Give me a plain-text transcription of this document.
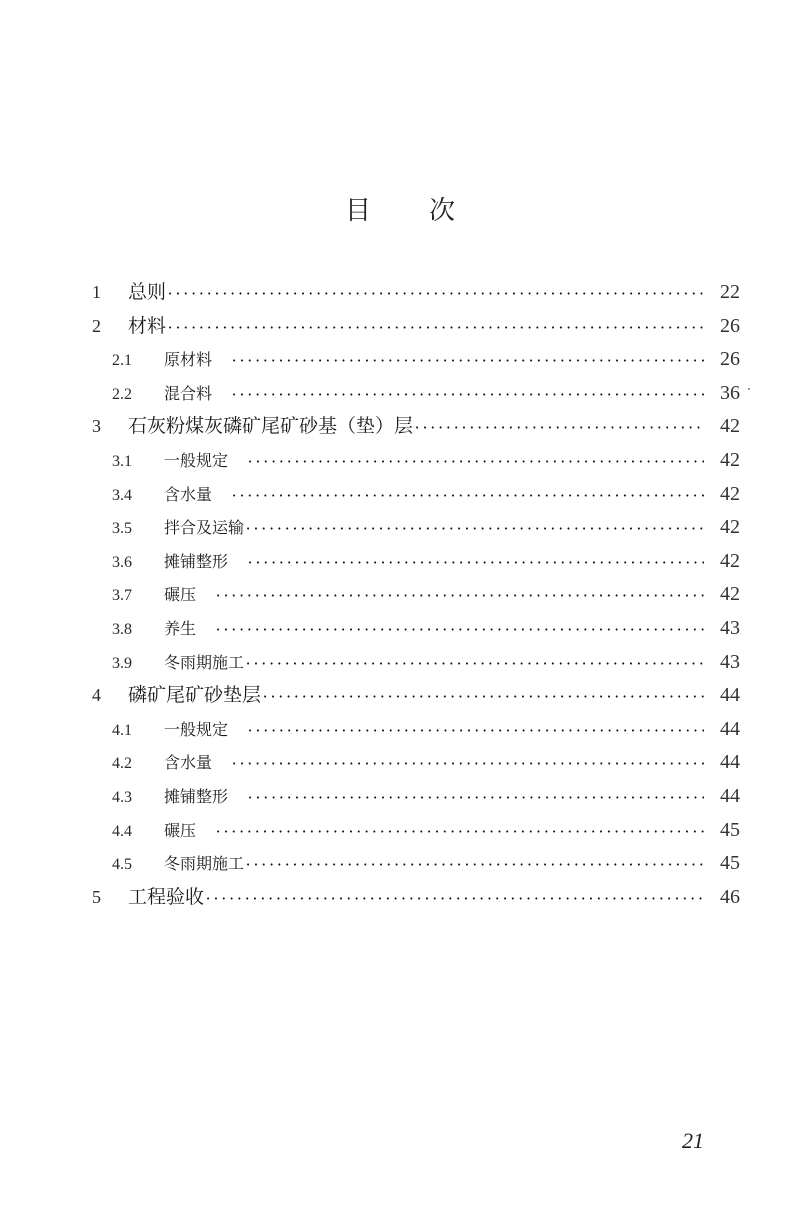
目 次
1	总则 •••••	22
2	材料 •••••	26
2.1	原材料 •••••	26
2.2	混合料 •••••	36
3	石灰粉煤灰磷矿尾矿砂基（垫）层 •••••	42
3.1	一般规定 •••••	42
3.4	含水量 •••••	42
3.5	拌合及运输 •••••	42
3.6	摊铺整形 •••••	42
3.7	碾压 •••••	42
3.8	养生 •••••	43
3.9	冬雨期施工 •••••	43
4	磷矿尾矿砂垫层 •••••	44
4.1	一般规定 •••••	44
4.2	含水量 •••••	44
4.3	摊铺整形 •••••	44
4.4	碾压 •••••	45
4.5	冬雨期施工 •••••	45
5	工程验收 •••••	46
21
